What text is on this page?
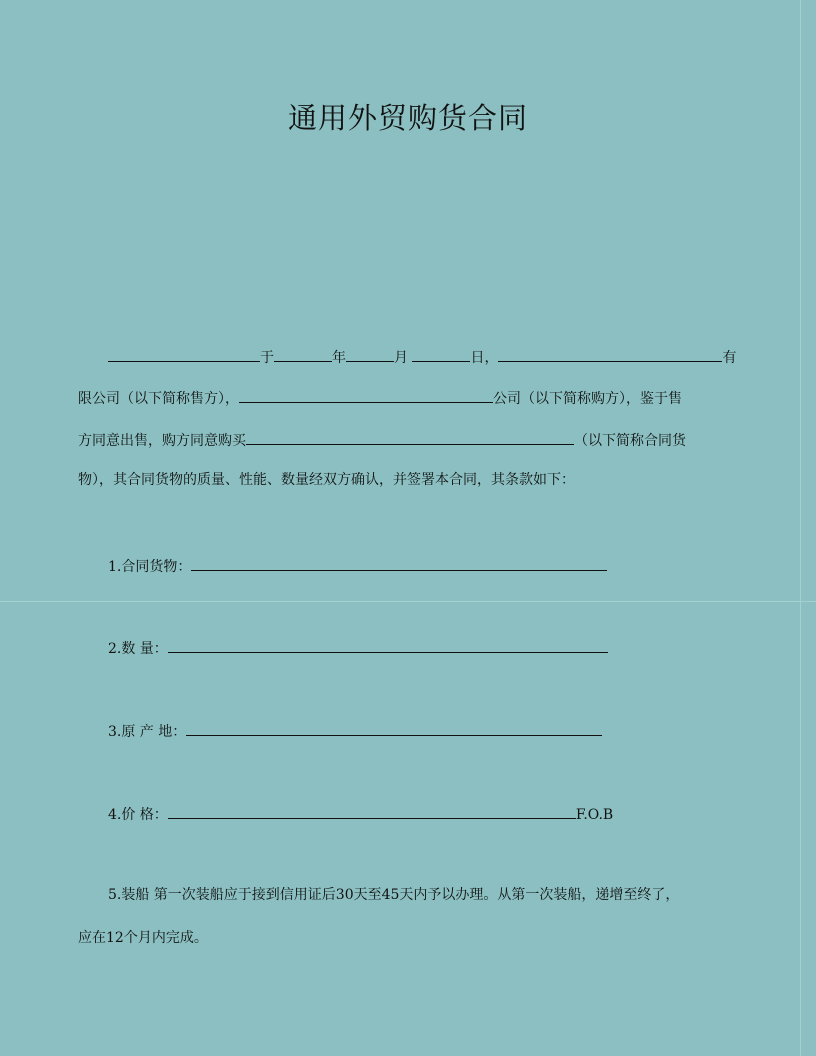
通用外贸购货合同
于	年	月	日，	有
限公司（以下简称售方），	公司（以下简称购方），鉴于售
方同意出售，购方同意购买	（以下简称合同货
物），其合同货物的质量、性能、数量经双方确认，并签署本合同，其条款如下：
1.合同货物：
2.数 量：
3.原 产 地：
4.价 格：	F.O.B
5.装船 第一次装船应于接到信用证后30天至45天内予以办理。从第一次装船，递增至终了，
应在12个月内完成。
